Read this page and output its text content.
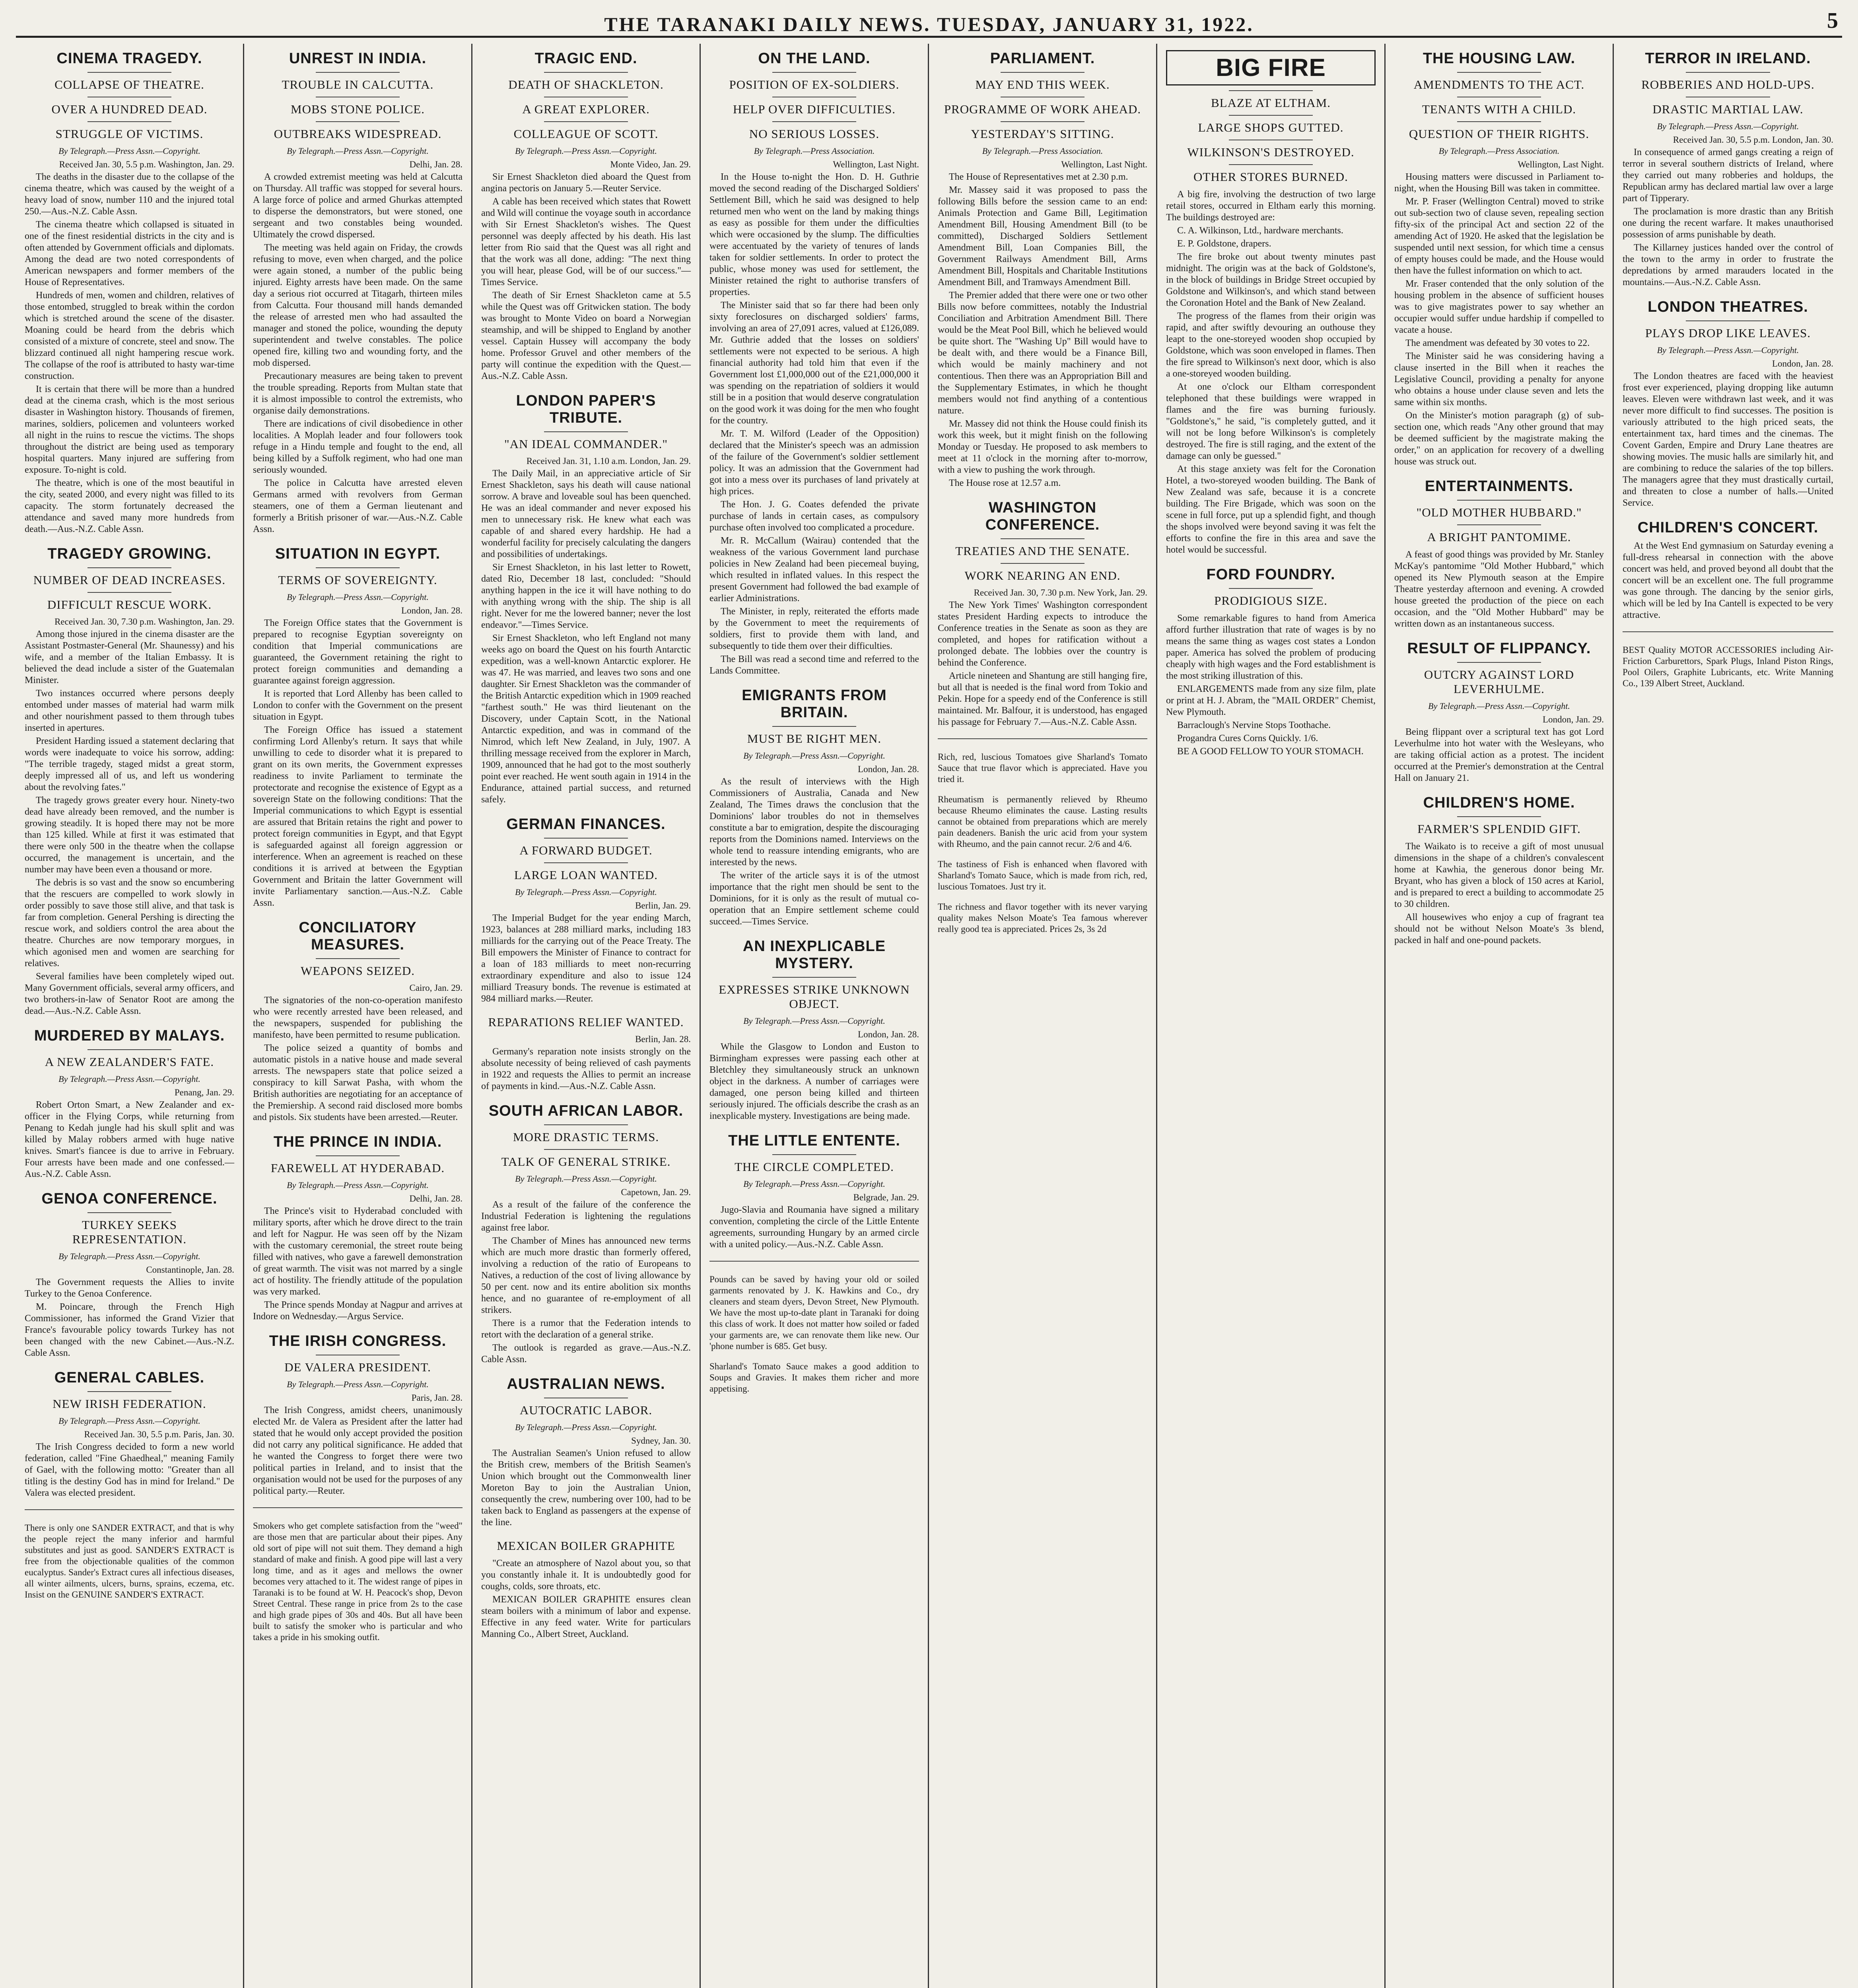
THE TARANAKI DAILY NEWS. TUESDAY, JANUARY 31, 1922.	5
CINEMA TRAGEDY.
COLLAPSE OF THEATRE.
OVER A HUNDRED DEAD.
STRUGGLE OF VICTIMS.
By Telegraph.—Press Assn.—Copyright.
Received Jan. 30, 5.5 p.m. Washington, Jan. 29.

The deaths in the disaster due to the collapse of the cinema theatre, which was caused by the weight of a heavy load of snow, number 110 and the injured total 250.—Aus.-N.Z. Cable Assn.

The cinema theatre which collapsed is situated in one of the finest residential districts in the city and is often attended by Government officials and diplomats. Among the dead are two noted correspondents of American newspapers and former members of the House of Representatives.

Hundreds of men, women and children, relatives of those entombed, struggled to break within the cordon which is stretched around the scene of the disaster. Moaning could be heard from the debris which consisted of a mixture of concrete, steel and snow. The blizzard continued all night hampering rescue work. The collapse of the roof is attributed to hasty war-time construction.

It is certain that there will be more than a hundred dead at the cinema crash, which is the most serious disaster in Washington history. Thousands of firemen, marines, soldiers, policemen and volunteers worked all night in the ruins to rescue the victims. The shops throughout the district are being used as temporary hospital quarters. Many injured are suffering from exposure. To-night is cold.

The theatre, which is one of the most beautiful in the city, seated 2000, and every night was filled to its capacity. The storm fortunately decreased the attendance and saved many more hundreds from death.—Aus.-N.Z. Cable Assn.

TRAGEDY GROWING.
NUMBER OF DEAD INCREASES.
DIFFICULT RESCUE WORK.
Received Jan. 30, 7.30 p.m. Washington, Jan. 29.

Among those injured in the cinema disaster are the Assistant Postmaster-General (Mr. Shaunessy) and his wife, and a member of the Italian Embassy. It is believed the dead include a sister of the Guatemalan Minister.

Two instances occurred where persons deeply entombed under masses of material had warm milk and other nourishment passed to them through tubes inserted in apertures.

President Harding issued a statement declaring that words were inadequate to voice his sorrow, adding: "The terrible tragedy, staged midst a great storm, deeply impressed all of us, and left us wondering about the revolving fates."

The tragedy grows greater every hour. Ninety-two dead have already been removed, and the number is growing steadily. It is hoped there may not be more than 125 killed. While at first it was estimated that there were only 500 in the theatre when the collapse occurred, the management is uncertain, and the number may have been even a thousand or more.

The debris is so vast and the snow so encumbering that the rescuers are compelled to work slowly in order possibly to save those still alive, and that task is far from completion. General Pershing is directing the rescue work, and soldiers control the area about the theatre. Churches are now temporary morgues, in which agonised men and women are searching for relatives.

Several families have been completely wiped out. Many Government officials, several army officers, and two brothers-in-law of Senator Root are among the dead.—Aus.-N.Z. Cable Assn.

MURDERED BY MALAYS.
A NEW ZEALANDER'S FATE.
By Telegraph.—Press Assn.—Copyright.
Penang, Jan. 29.

Robert Orton Smart, a New Zealander and ex-officer in the Flying Corps, while returning from Penang to Kedah jungle had his skull split and was killed by Malay robbers armed with huge native knives. Smart's fiancee is due to arrive in February. Four arrests have been made and one confessed.—Aus.-N.Z. Cable Assn.

GENOA CONFERENCE.
TURKEY SEEKS REPRESENTATION.
By Telegraph.—Press Assn.—Copyright.
Constantinople, Jan. 28.

The Government requests the Allies to invite Turkey to the Genoa Conference.

M. Poincare, through the French High Commissioner, has informed the Grand Vizier that France's favourable policy towards Turkey has not been changed with the new Cabinet.—Aus.-N.Z. Cable Assn.

GENERAL CABLES.
NEW IRISH FEDERATION.
By Telegraph.—Press Assn.—Copyright.
Received Jan. 30, 5.5 p.m. Paris, Jan. 30.

The Irish Congress decided to form a new world federation, called "Fine Ghaedheal," meaning Family of Gael, with the following motto: "Greater than all titling is the destiny God has in mind for Ireland." De Valera was elected president.

There is only one SANDER EXTRACT, and that is why the people reject the many inferior and harmful substitutes and just as good. SANDER'S EXTRACT is free from the objectionable qualities of the common eucalyptus. Sander's Extract cures all infectious diseases, all winter ailments, ulcers, burns, sprains, eczema, etc. Insist on the GENUINE SANDER'S EXTRACT.

UNREST IN INDIA.
TROUBLE IN CALCUTTA.
MOBS STONE POLICE.
OUTBREAKS WIDESPREAD.
By Telegraph.—Press Assn.—Copyright.
Delhi, Jan. 28.

A crowded extremist meeting was held at Calcutta on Thursday. All traffic was stopped for several hours. A large force of police and armed Ghurkas attempted to disperse the demonstrators, but were stoned, one sergeant and two constables being wounded. Ultimately the crowd dispersed.

The meeting was held again on Friday, the crowds refusing to move, even when charged, and the police were again stoned, a number of the public being injured. Eighty arrests have been made. On the same day a serious riot occurred at Titagarh, thirteen miles from Calcutta. Four thousand mill hands demanded the release of arrested men who had assaulted the manager and stoned the police, wounding the deputy superintendent and twelve constables. The police opened fire, killing two and wounding forty, and the mob dispersed.

Precautionary measures are being taken to prevent the trouble spreading. Reports from Multan state that it is almost impossible to control the extremists, who organise daily demonstrations.

There are indications of civil disobedience in other localities. A Moplah leader and four followers took refuge in a Hindu temple and fought to the end, all being killed by a Suffolk regiment, who had one man seriously wounded.

The police in Calcutta have arrested eleven Germans armed with revolvers from German steamers, one of them a German lieutenant and formerly a British prisoner of war.—Aus.-N.Z. Cable Assn.

SITUATION IN EGYPT.
TERMS OF SOVEREIGNTY.
By Telegraph.—Press Assn.—Copyright.
London, Jan. 28.

The Foreign Office states that the Government is prepared to recognise Egyptian sovereignty on condition that Imperial communications are guaranteed, the Government retaining the right to protect foreign communities and demanding a guarantee against foreign aggression.

It is reported that Lord Allenby has been called to London to confer with the Government on the present situation in Egypt.

The Foreign Office has issued a statement confirming Lord Allenby's return. It says that while unwilling to cede to disorder what it is prepared to grant on its own merits, the Government expresses readiness to invite Parliament to terminate the protectorate and recognise the existence of Egypt as a sovereign State on the following conditions: That the Imperial communications to which Egypt is essential are assured that Britain retains the right and power to protect foreign communities in Egypt, and that Egypt is safeguarded against all foreign aggression or interference. When an agreement is reached on these conditions it is arrived at between the Egyptian Government and Britain the latter Government will invite Parliamentary sanction.—Aus.-N.Z. Cable Assn.

CONCILIATORY MEASURES.
WEAPONS SEIZED.
Cairo, Jan. 29.

The signatories of the non-co-operation manifesto who were recently arrested have been released, and the newspapers, suspended for publishing the manifesto, have been permitted to resume publication.

The police seized a quantity of bombs and automatic pistols in a native house and made several arrests. The newspapers state that police seized a conspiracy to kill Sarwat Pasha, with whom the British authorities are negotiating for an acceptance of the Premiership. A second raid disclosed more bombs and pistols. Six students have been arrested.—Reuter.

THE PRINCE IN INDIA.
FAREWELL AT HYDERABAD.
By Telegraph.—Press Assn.—Copyright.
Delhi, Jan. 28.

The Prince's visit to Hyderabad concluded with military sports, after which he drove direct to the train and left for Nagpur. He was seen off by the Nizam with the customary ceremonial, the street route being filled with natives, who gave a farewell demonstration of great warmth. The visit was not marred by a single act of hostility. The friendly attitude of the population was very marked.

The Prince spends Monday at Nagpur and arrives at Indore on Wednesday.—Argus Service.

THE IRISH CONGRESS.
DE VALERA PRESIDENT.
By Telegraph.—Press Assn.—Copyright.
Paris, Jan. 28.

The Irish Congress, amidst cheers, unanimously elected Mr. de Valera as President after the latter had stated that he would only accept provided the position did not carry any political significance. He added that he wanted the Congress to forget there were two political parties in Ireland, and to insist that the organisation would not be used for the purposes of any political party.—Reuter.

Smokers who get complete satisfaction from the "weed" are those men that are particular about their pipes. Any old sort of pipe will not suit them. They demand a high standard of make and finish. A good pipe will last a very long time, and as it ages and mellows the owner becomes very attached to it. The widest range of pipes in Taranaki is to be found at W. H. Peacock's shop, Devon Street Central. These range in price from 2s to the case and high grade pipes of 30s and 40s. But all have been built to satisfy the smoker who is particular and who takes a pride in his smoking outfit.

TRAGIC END.
DEATH OF SHACKLETON.
A GREAT EXPLORER.
COLLEAGUE OF SCOTT.
By Telegraph.—Press Assn.—Copyright.
Monte Video, Jan. 29.

Sir Ernest Shackleton died aboard the Quest from angina pectoris on January 5.—Reuter Service.

A cable has been received which states that Rowett and Wild will continue the voyage south in accordance with Sir Ernest Shackleton's wishes. The Quest personnel was deeply affected by his death. His last letter from Rio said that the Quest was all right and that the work was all done, adding: "The next thing you will hear, please God, will be of our success."—Times Service.

The death of Sir Ernest Shackleton came at 5.5 while the Quest was off Gritwicken station. The body was brought to Monte Video on board a Norwegian steamship, and will be shipped to England by another vessel. Captain Hussey will accompany the body home. Professor Gruvel and other members of the party will continue the expedition with the Quest.—Aus.-N.Z. Cable Assn.

LONDON PAPER'S TRIBUTE.
"AN IDEAL COMMANDER."
Received Jan. 31, 1.10 a.m. London, Jan. 29.

The Daily Mail, in an appreciative article of Sir Ernest Shackleton, says his death will cause national sorrow. A brave and loveable soul has been quenched. He was an ideal commander and never exposed his men to unnecessary risk. He knew what each was capable of and shared every hardship. He had a wonderful facility for precisely calculating the dangers and possibilities of undertakings.

Sir Ernest Shackleton, in his last letter to Rowett, dated Rio, December 18 last, concluded: "Should anything happen in the ice it will have nothing to do with anything wrong with the ship. The ship is all right. Never for me the lowered banner; never the lost endeavor."—Times Service.

Sir Ernest Shackleton, who left England not many weeks ago on board the Quest on his fourth Antarctic expedition, was a well-known Antarctic explorer. He was 47. He was married, and leaves two sons and one daughter. Sir Ernest Shackleton was the commander of the British Antarctic expedition which in 1909 reached "farthest south." He was third lieutenant on the Discovery, under Captain Scott, in the National Antarctic expedition, and was in command of the Nimrod, which left New Zealand, in July, 1907. A thrilling message received from the explorer in March, 1909, announced that he had got to the most southerly point ever reached. He went south again in 1914 in the Endurance, attained partial success, and returned safely.

GERMAN FINANCES.
A FORWARD BUDGET.
LARGE LOAN WANTED.
By Telegraph.—Press Assn.—Copyright.
Berlin, Jan. 29.

The Imperial Budget for the year ending March, 1923, balances at 288 milliard marks, including 183 milliards for the carrying out of the Peace Treaty. The Bill empowers the Minister of Finance to contract for a loan of 183 milliards to meet non-recurring extraordinary expenditure and also to issue 124 milliard Treasury bonds. The revenue is estimated at 984 milliard marks.—Reuter.

REPARATIONS RELIEF WANTED.
Berlin, Jan. 28.

Germany's reparation note insists strongly on the absolute necessity of being relieved of cash payments in 1922 and requests the Allies to permit an increase of payments in kind.—Aus.-N.Z. Cable Assn.

SOUTH AFRICAN LABOR.
MORE DRASTIC TERMS.
TALK OF GENERAL STRIKE.
By Telegraph.—Press Assn.—Copyright.
Capetown, Jan. 29.

As a result of the failure of the conference the Industrial Federation is lightening the regulations against free labor.

The Chamber of Mines has announced new terms which are much more drastic than formerly offered, involving a reduction of the ratio of Europeans to Natives, a reduction of the cost of living allowance by 50 per cent. now and its entire abolition six months hence, and no guarantee of re-employment of all strikers.

There is a rumor that the Federation intends to retort with the declaration of a general strike.

The outlook is regarded as grave.—Aus.-N.Z. Cable Assn.

AUSTRALIAN NEWS.
AUTOCRATIC LABOR.
By Telegraph.—Press Assn.—Copyright.
Sydney, Jan. 30.

The Australian Seamen's Union refused to allow the British crew, members of the British Seamen's Union which brought out the Commonwealth liner Moreton Bay to join the Australian Union, consequently the crew, numbering over 100, had to be taken back to England as passengers at the expense of the line.

MEXICAN BOILER GRAPHITE

"Create an atmosphere of Nazol about you, so that you constantly inhale it. It is undoubtedly good for coughs, colds, sore throats, etc.

MEXICAN BOILER GRAPHITE ensures clean steam boilers with a minimum of labor and expense. Effective in any feed water. Write for particulars Manning Co., Albert Street, Auckland.

ON THE LAND.
POSITION OF EX-SOLDIERS.
HELP OVER DIFFICULTIES.
NO SERIOUS LOSSES.
By Telegraph.—Press Association.
Wellington, Last Night.

In the House to-night the Hon. D. H. Guthrie moved the second reading of the Discharged Soldiers' Settlement Bill, which he said was designed to help returned men who went on the land by making things as easy as possible for them under the difficulties which were occasioned by the slump. The difficulties were accentuated by the variety of tenures of lands taken for soldier settlements. In order to protect the public, whose money was used for settlement, the Minister retained the right to authorise transfers of properties.

The Minister said that so far there had been only sixty foreclosures on discharged soldiers' farms, involving an area of 27,091 acres, valued at £126,089. Mr. Guthrie added that the losses on soldiers' settlements were not expected to be serious. A high financial authority had told him that even if the Government lost £1,000,000 out of the £21,000,000 it was spending on the repatriation of soldiers it would still be in a position that would deserve congratulation on the good work it was doing for the men who fought for the country.

Mr. T. M. Wilford (Leader of the Opposition) declared that the Minister's speech was an admission of the failure of the Government's soldier settlement policy. It was an admission that the Government had got into a mess over its purchases of land privately at high prices.

The Hon. J. G. Coates defended the private purchase of lands in certain cases, as compulsory purchase often involved too complicated a procedure.

Mr. R. McCallum (Wairau) contended that the weakness of the various Government land purchase policies in New Zealand had been piecemeal buying, which resulted in inflated values. In this respect the present Government had followed the bad example of earlier Administrations.

The Minister, in reply, reiterated the efforts made by the Government to meet the requirements of soldiers, first to provide them with land, and subsequently to tide them over their difficulties.

The Bill was read a second time and referred to the Lands Committee.

EMIGRANTS FROM BRITAIN.
MUST BE RIGHT MEN.
By Telegraph.—Press Assn.—Copyright.
London, Jan. 28.

As the result of interviews with the High Commissioners of Australia, Canada and New Zealand, The Times draws the conclusion that the Dominions' labor troubles do not in themselves constitute a bar to emigration, despite the discouraging reports from the Dominions named. Interviews on the whole tend to reassure intending emigrants, who are interested by the news.

The writer of the article says it is of the utmost importance that the right men should be sent to the Dominions, for it is only as the result of mutual co-operation that an Empire settlement scheme could succeed.—Times Service.

AN INEXPLICABLE MYSTERY.
EXPRESSES STRIKE UNKNOWN OBJECT.
By Telegraph.—Press Assn.—Copyright.
London, Jan. 28.

While the Glasgow to London and Euston to Birmingham expresses were passing each other at Bletchley they simultaneously struck an unknown object in the darkness. A number of carriages were damaged, one person being killed and thirteen seriously injured. The officials describe the crash as an inexplicable mystery. Investigations are being made.

THE LITTLE ENTENTE.
THE CIRCLE COMPLETED.
By Telegraph.—Press Assn.—Copyright.
Belgrade, Jan. 29.

Jugo-Slavia and Roumania have signed a military convention, completing the circle of the Little Entente agreements, surrounding Hungary by an armed circle with a united policy.—Aus.-N.Z. Cable Assn.

Pounds can be saved by having your old or soiled garments renovated by J. K. Hawkins and Co., dry cleaners and steam dyers, Devon Street, New Plymouth. We have the most up-to-date plant in Taranaki for doing this class of work. It does not matter how soiled or faded your garments are, we can renovate them like new. Our 'phone number is 685. Get busy.

Sharland's Tomato Sauce makes a good addition to Soups and Gravies. It makes them richer and more appetising.

PARLIAMENT.
MAY END THIS WEEK.
PROGRAMME OF WORK AHEAD.
YESTERDAY'S SITTING.
By Telegraph.—Press Association.
Wellington, Last Night.

The House of Representatives met at 2.30 p.m.

Mr. Massey said it was proposed to pass the following Bills before the session came to an end: Animals Protection and Game Bill, Legitimation Amendment Bill, Housing Amendment Bill (to be committed), Discharged Soldiers Settlement Amendment Bill, Loan Companies Bill, the Government Railways Amendment Bill, Arms Amendment Bill, Hospitals and Charitable Institutions Amendment Bill, and Tramways Amendment Bill.

The Premier added that there were one or two other Bills now before committees, notably the Industrial Conciliation and Arbitration Amendment Bill. There would be the Meat Pool Bill, which he believed would be quite short. The "Washing Up" Bill would have to be dealt with, and there would be a Finance Bill, which would be mainly machinery and not contentious. Then there was an Appropriation Bill and the Supplementary Estimates, in which he thought members would not find anything of a contentious nature.

Mr. Massey did not think the House could finish its work this week, but it might finish on the following Monday or Tuesday. He proposed to ask members to meet at 11 o'clock in the morning after to-morrow, with a view to pushing the work through.

The House rose at 12.57 a.m.

WASHINGTON CONFERENCE.
TREATIES AND THE SENATE.
WORK NEARING AN END.
Received Jan. 30, 7.30 p.m. New York, Jan. 29.

The New York Times' Washington correspondent states President Harding expects to introduce the Conference treaties in the Senate as soon as they are completed, and hopes for ratification without a prolonged debate. The lobbies over the country is behind the Conference.

Article nineteen and Shantung are still hanging fire, but all that is needed is the final word from Tokio and Pekin. Hope for a speedy end of the Conference is still maintained. Mr. Balfour, it is understood, has engaged his passage for February 7.—Aus.-N.Z. Cable Assn.

Rich, red, luscious Tomatoes give Sharland's Tomato Sauce that true flavor which is appreciated. Have you tried it.

Rheumatism is permanently relieved by Rheumo because Rheumo eliminates the cause. Lasting results cannot be obtained from preparations which are merely pain deadeners. Banish the uric acid from your system with Rheumo, and the pain cannot recur. 2/6 and 4/6.

The tastiness of Fish is enhanced when flavored with Sharland's Tomato Sauce, which is made from rich, red, luscious Tomatoes. Just try it.

The richness and flavor together with its never varying quality makes Nelson Moate's Tea famous wherever really good tea is appreciated. Prices 2s, 3s 2d

BIG FIRE
BLAZE AT ELTHAM.
LARGE SHOPS GUTTED.
WILKINSON'S DESTROYED.
OTHER STORES BURNED.

A big fire, involving the destruction of two large retail stores, occurred in Eltham early this morning. The buildings destroyed are:

C. A. Wilkinson, Ltd., hardware merchants.

E. P. Goldstone, drapers.

The fire broke out about twenty minutes past midnight. The origin was at the back of Goldstone's, in the block of buildings in Bridge Street occupied by Goldstone and Wilkinson's, and which stand between the Coronation Hotel and the Bank of New Zealand.

The progress of the flames from their origin was rapid, and after swiftly devouring an outhouse they leapt to the one-storeyed wooden shop occupied by Goldstone, which was soon enveloped in flames. Then the fire spread to Wilkinson's next door, which is also a one-storeyed wooden building.

At one o'clock our Eltham correspondent telephoned that these buildings were wrapped in flames and the fire was burning furiously. "Goldstone's," he said, "is completely gutted, and it will not be long before Wilkinson's is completely destroyed. The fire is still raging, and the extent of the damage can only be guessed."

At this stage anxiety was felt for the Coronation Hotel, a two-storeyed wooden building. The Bank of New Zealand was safe, because it is a concrete building. The Fire Brigade, which was soon on the scene in full force, put up a splendid fight, and though the shops involved were beyond saving it was felt the efforts to confine the fire in this area and save the hotel would be successful.

FORD FOUNDRY.
PRODIGIOUS SIZE.

Some remarkable figures to hand from America afford further illustration that rate of wages is by no means the same thing as wages cost states a London paper. America has solved the problem of producing cheaply with high wages and the Ford establishment is the most striking illustration of this.

ENLARGEMENTS made from any size film, plate or print at H. J. Abram, the "MAIL ORDER" Chemist, New Plymouth.

Barraclough's Nervine Stops Toothache.

Progandra Cures Corns Quickly. 1/6.

BE A GOOD FELLOW TO YOUR STOMACH.

THE HOUSING LAW.
AMENDMENTS TO THE ACT.
TENANTS WITH A CHILD.
QUESTION OF THEIR RIGHTS.
By Telegraph.—Press Association.
Wellington, Last Night.

Housing matters were discussed in Parliament to-night, when the Housing Bill was taken in committee.

Mr. P. Fraser (Wellington Central) moved to strike out sub-section two of clause seven, repealing section fifty-six of the principal Act and section 22 of the amending Act of 1920. He asked that the legislation be suspended until next session, for which time a census of empty houses could be made, and the House would then have the fullest information on which to act.

Mr. Fraser contended that the only solution of the housing problem in the absence of sufficient houses was to give magistrates power to say whether an occupier would suffer undue hardship if compelled to vacate a house.

The amendment was defeated by 30 votes to 22.

The Minister said he was considering having a clause inserted in the Bill when it reaches the Legislative Council, providing a penalty for anyone who obtains a house under clause seven and lets the same within six months.

On the Minister's motion paragraph (g) of sub-section one, which reads "Any other ground that may be deemed sufficient by the magistrate making the order," on an application for recovery of a dwelling house was struck out.

ENTERTAINMENTS.
"OLD MOTHER HUBBARD."
A BRIGHT PANTOMIME.

A feast of good things was provided by Mr. Stanley McKay's pantomime "Old Mother Hubbard," which opened its New Plymouth season at the Empire Theatre yesterday afternoon and evening. A crowded house greeted the production of the piece on each occasion, and the "Old Mother Hubbard" may be written down as an instantaneous success.

RESULT OF FLIPPANCY.
OUTCRY AGAINST LORD LEVERHULME.
By Telegraph.—Press Assn.—Copyright.
London, Jan. 29.

Being flippant over a scriptural text has got Lord Leverhulme into hot water with the Wesleyans, who are taking official action as a protest. The incident occurred at the Premier's demonstration at the Central Hall on January 21.

CHILDREN'S HOME.
FARMER'S SPLENDID GIFT.

The Waikato is to receive a gift of most unusual dimensions in the shape of a children's convalescent home at Kawhia, the generous donor being Mr. Bryant, who has given a block of 150 acres at Kariol, and is prepared to erect a building to accommodate 25 to 30 children.

All housewives who enjoy a cup of fragrant tea should not be without Nelson Moate's 3s blend, packed in half and one-pound packets.

TERROR IN IRELAND.
ROBBERIES AND HOLD-UPS.
DRASTIC MARTIAL LAW.
By Telegraph.—Press Assn.—Copyright.
Received Jan. 30, 5.5 p.m. London, Jan. 30.

In consequence of armed gangs creating a reign of terror in several southern districts of Ireland, where they carried out many robberies and holdups, the Republican army has declared martial law over a large part of Tipperary.

The proclamation is more drastic than any British one during the recent warfare. It makes unauthorised possession of arms punishable by death.

The Killarney justices handed over the control of the town to the army in order to frustrate the depredations by armed marauders located in the mountains.—Aus.-N.Z. Cable Assn.

LONDON THEATRES.
PLAYS DROP LIKE LEAVES.
By Telegraph.—Press Assn.—Copyright.
London, Jan. 28.

The London theatres are faced with the heaviest frost ever experienced, playing dropping like autumn leaves. Eleven were withdrawn last week, and it was never more difficult to find successes. The position is variously attributed to the high priced seats, the entertainment tax, hard times and the cinemas. The Covent Garden, Empire and Drury Lane theatres are showing movies. The music halls are similarly hit, and are combining to reduce the salaries of the top billers. The managers agree that they must drastically curtail, and threaten to close a number of halls.—United Service.

CHILDREN'S CONCERT.

At the West End gymnasium on Saturday evening a full-dress rehearsal in connection with the above concert was held, and proved beyond all doubt that the concert will be an excellent one. The full programme was gone through. The dancing by the senior girls, which will be led by Ina Cantell is expected to be very attractive.

BEST Quality MOTOR ACCESSORIES including Air-Friction Carburettors, Spark Plugs, Inland Piston Rings, Pool Oilers, Graphite Lubricants, etc. Write Manning Co., 139 Albert Street, Auckland.
